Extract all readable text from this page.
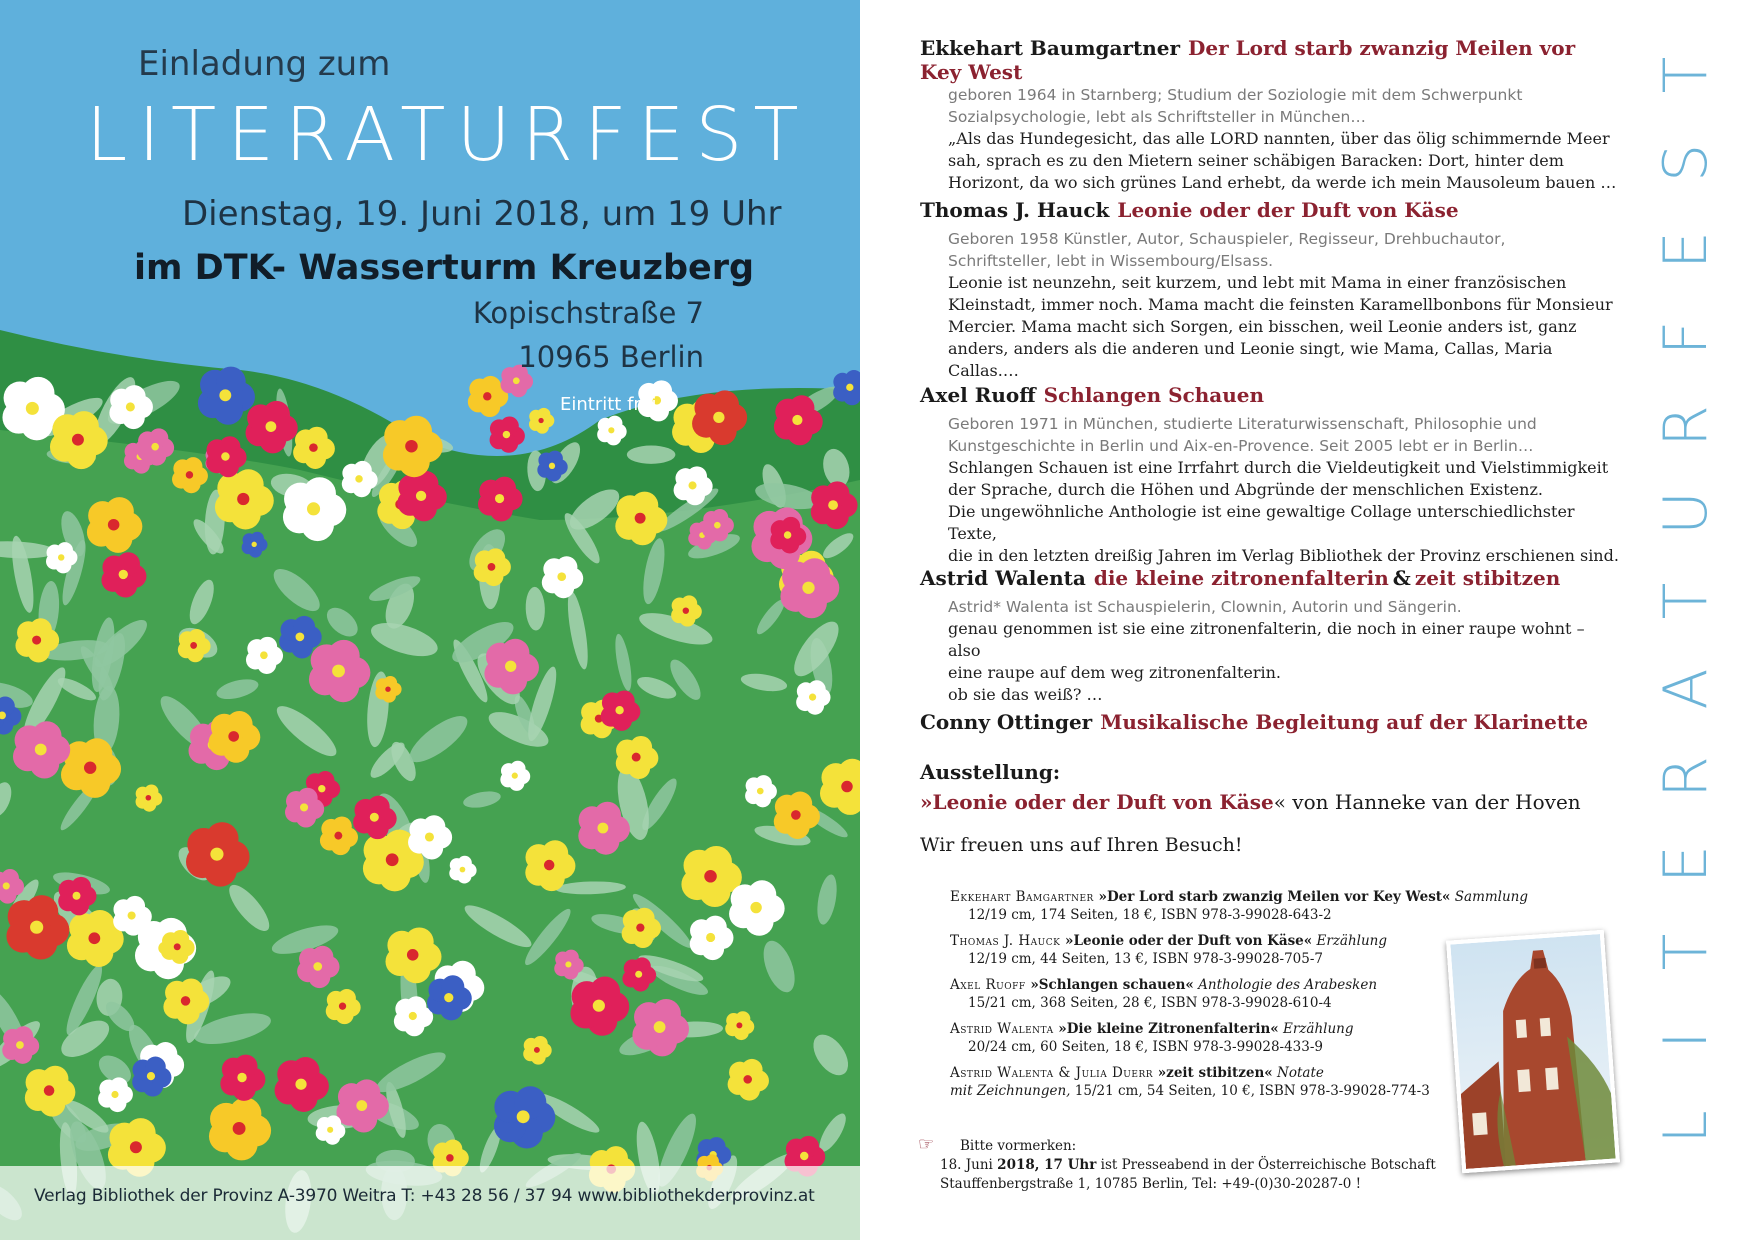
Einladung zum
LITERATURFEST
Dienstag, 19. Juni 2018, um 19 Uhr
im DTK- Wasserturm Kreuzberg
Kopischstraße 7
10965 Berlin
Eintritt frei !
Verlag Bibliothek der Provinz A-3970 Weitra T: +43 28 56 / 37 94 www.bibliothekderprovinz.at
Ekkehart Baumgartner Der Lord starb zwanzig Meilen vor Key West
geboren 1964 in Starnberg; Studium der Soziologie mit dem Schwerpunkt
Sozialpsychologie, lebt als Schriftsteller in München…
„Als das Hundegesicht, das alle LORD nannten, über das ölig schimmernde Meer
sah, sprach es zu den Mietern seiner schäbigen Baracken: Dort, hinter dem
Horizont, da wo sich grünes Land erhebt, da werde ich mein Mausoleum bauen …
Thomas J. Hauck Leonie oder der Duft von Käse
Geboren 1958 Künstler, Autor, Schauspieler, Regisseur, Drehbuchautor,
Schriftsteller, lebt in Wissembourg/Elsass.
Leonie ist neunzehn, seit kurzem, und lebt mit Mama in einer französischen
Kleinstadt, immer noch. Mama macht die feinsten Karamellbonbons für Monsieur
Mercier. Mama macht sich Sorgen, ein bisschen, weil Leonie anders ist, ganz
anders, anders als die anderen und Leonie singt, wie Mama, Callas, Maria Callas.…
Axel Ruoff Schlangen Schauen
Geboren 1971 in München, studierte Literaturwissenschaft, Philosophie und
Kunstgeschichte in Berlin und Aix-en-Provence. Seit 2005 lebt er in Berlin…
Schlangen Schauen ist eine Irrfahrt durch die Vieldeutigkeit und Vielstimmigkeit
der Sprache, durch die Höhen und Abgründe der menschlichen Existenz.
Die ungewöhnliche Anthologie ist eine gewaltige Collage unterschiedlichster Texte,
die in den letzten dreißig Jahren im Verlag Bibliothek der Provinz erschienen sind.
Astrid Walenta die kleine zitronenfalterin & zeit stibitzen
Astrid* Walenta ist Schauspielerin, Clownin, Autorin und Sängerin.
genau genommen ist sie eine zitronenfalterin, die noch in einer raupe wohnt – also
eine raupe auf dem weg zitronenfalterin.
ob sie das weiß? …
Conny Ottinger Musikalische Begleitung auf der Klarinette
Ausstellung:
»Leonie oder der Duft von Käse« von Hanneke van der Hoven
Wir freuen uns auf Ihren Besuch!
Ekkehart Bamgartner »Der Lord starb zwanzig Meilen vor Key West« Sammlung
12/19 cm, 174 Seiten, 18 €, ISBN 978-3-99028-643-2
Thomas J. Hauck »Leonie oder der Duft von Käse« Erzählung
12/19 cm, 44 Seiten, 13 €, ISBN 978-3-99028-705-7
Axel Ruoff »Schlangen schauen« Anthologie des Arabesken
15/21 cm, 368 Seiten, 28 €, ISBN 978-3-99028-610-4
Astrid Walenta »Die kleine Zitronenfalterin« Erzählung
20/24 cm, 60 Seiten, 18 €, ISBN 978-3-99028-433-9
Astrid Walenta & Julia Duerr »zeit stibitzen« Notate
mit Zeichnungen, 15/21 cm, 54 Seiten, 10 €, ISBN 978-3-99028-774-3
☞ Bitte vormerken:
18. Juni 2018, 17 Uhr ist Presseabend in der Österreichische Botschaft
Stauffenbergstraße 1, 10785 Berlin, Tel: +49-(0)30-20287-0 !
T
S
E
F
R
U
T
A
R
E
T
I
L
